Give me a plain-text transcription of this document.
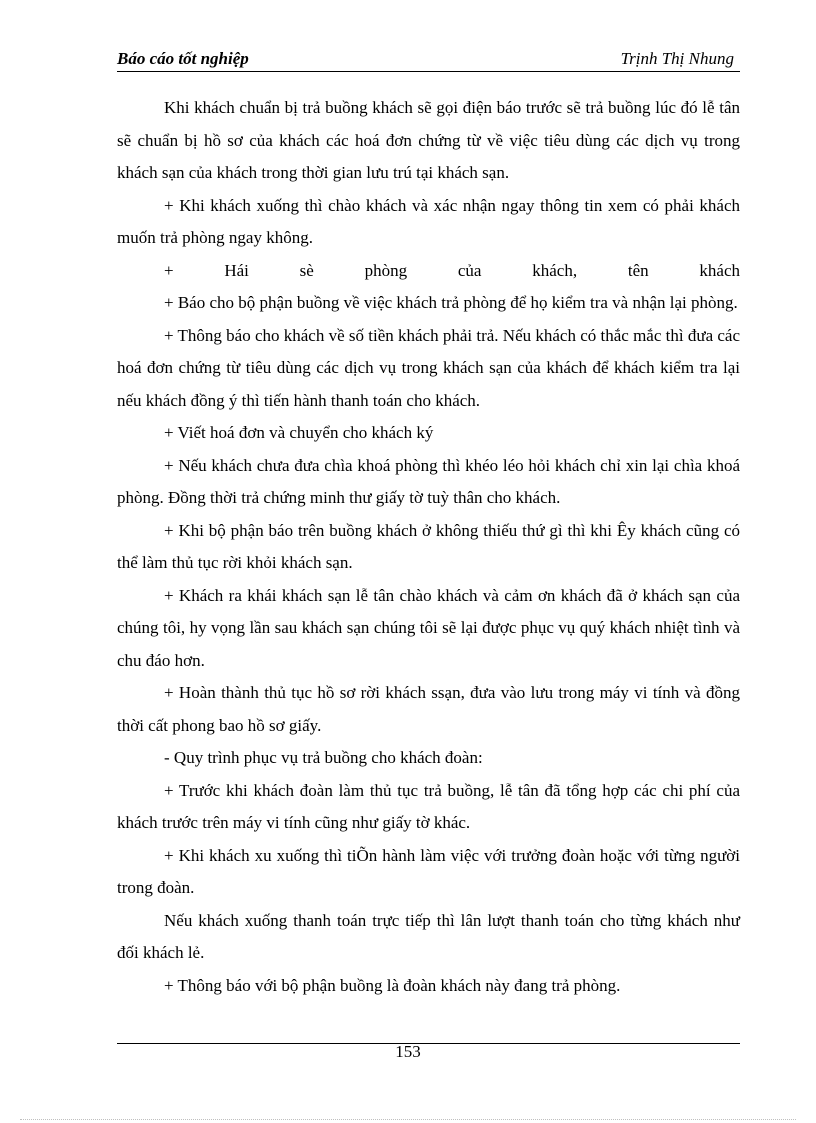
Báo cáo tốt nghiệp	Trịnh Thị Nhung

Khi khách chuẩn bị trả buồng khách sẽ gọi điện báo trước sẽ trả buồng lúc đó lễ tân sẽ chuẩn bị hồ sơ của khách các hoá đơn chứng từ về việc tiêu dùng các dịch vụ trong khách sạn của khách trong thời gian lưu trú tại khách sạn.

+ Khi khách xuống thì chào khách và xác nhận ngay thông tin xem có phải khách muốn trả phòng ngay không.

+ Hái sè phòng của khách, tên khách

+ Báo cho bộ phận buồng về việc khách trả phòng để họ kiểm tra và nhận lại phòng.

+ Thông báo cho khách về số tiền khách phải trả. Nếu khách có thắc mắc thì đưa các hoá đơn chứng từ tiêu dùng các dịch vụ trong khách sạn của khách để khách kiểm tra lại nếu khách đồng ý thì tiến hành thanh toán cho khách.

+ Viết hoá đơn và chuyển cho khách ký

+ Nếu khách chưa đưa chìa khoá phòng thì khéo léo hỏi khách chỉ xin lại chìa khoá phòng. Đồng thời trả chứng minh thư giấy tờ tuỳ thân cho khách.

+ Khi bộ phận báo trên buồng khách ở không thiếu thứ gì thì khi Êy khách cũng có thể làm thủ tục rời khỏi khách sạn.

+ Khách ra khái khách sạn lễ tân chào khách và cảm ơn khách đã ở khách sạn của chúng tôi, hy vọng lần sau khách sạn chúng tôi sẽ lại được phục vụ quý khách nhiệt tình và chu đáo hơn.

+ Hoàn thành thủ tục hồ sơ rời khách ssạn, đưa vào lưu trong máy vi tính và đồng thời cất phong bao hồ sơ giấy.

- Quy trình phục vụ trả buồng cho khách đoàn:

+ Trước khi khách đoàn làm thủ tục trả buồng, lễ tân đã tổng hợp các chi phí của khách trước trên máy vi tính cũng như giấy tờ khác.

+ Khi khách xu xuống thì tiÕn hành làm việc với trưởng đoàn hoặc với từng người trong đoàn.

Nếu khách xuống thanh toán trực tiếp thì lân lượt thanh toán cho từng khách như đối khách lẻ.

+ Thông báo với bộ phận buồng là đoàn khách này đang trả phòng.

153
